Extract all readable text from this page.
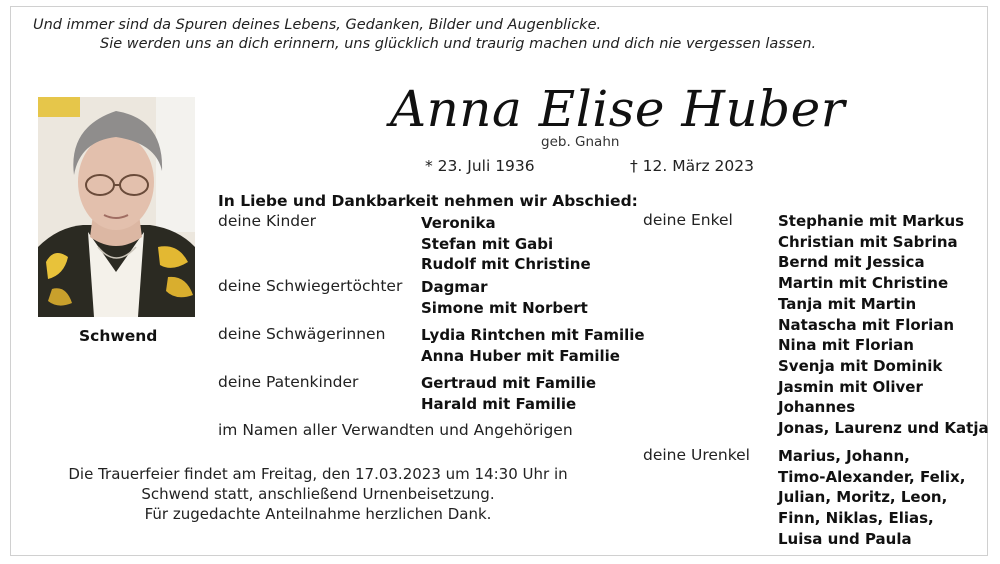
Und immer sind da Spuren deines Lebens, Gedanken, Bilder und Augenblicke.
Sie werden uns an dich erinnern, uns glücklich und traurig machen und dich nie vergessen lassen.
Schwend
Anna Elise Huber
geb. Gnahn
* 23. Juli 1936	† 12. März 2023
In Liebe und Dankbarkeit nehmen wir Abschied:
deine Kinder	Veronika
Stefan mit Gabi
Rudolf mit Christine
deine Schwiegertöchter Dagmar
Simone mit Norbert
deine Schwägerinnen Lydia Rintchen mit Familie
Anna Huber mit Familie
deine Patenkinder	Gertraud mit Familie
Harald mit Familie
im Namen aller Verwandten und Angehörigen
deine Enkel	Stephanie mit Markus
Christian mit Sabrina
Bernd mit Jessica
Martin mit Christine
Tanja mit Martin
Natascha mit Florian
Nina mit Florian
Svenja mit Dominik
Jasmin mit Oliver
Johannes
Jonas, Laurenz und Katja
deine Urenkel Marius, Johann,
Timo-Alexander, Felix,
Julian, Moritz, Leon,
Finn, Niklas, Elias,
Luisa und Paula
Die Trauerfeier findet am Freitag, den 17.03.2023 um 14:30 Uhr in
Schwend statt, anschließend Urnenbeisetzung.
Für zugedachte Anteilnahme herzlichen Dank.
